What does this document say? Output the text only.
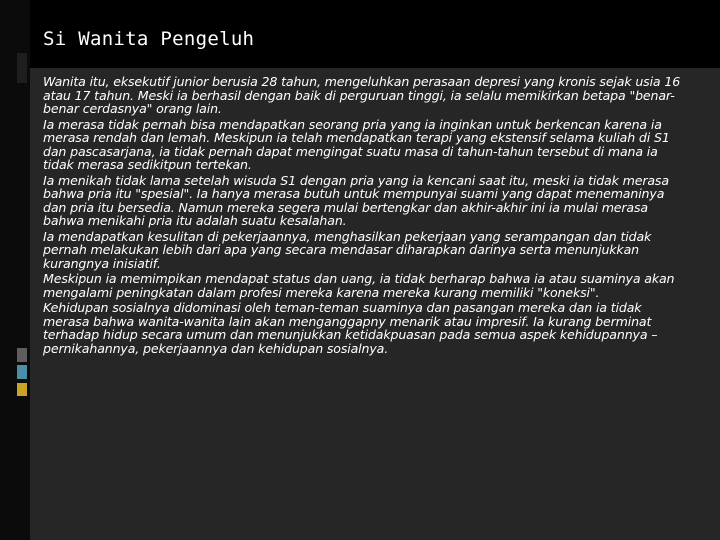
Si Wanita Pengeluh

Wanita itu, eksekutif junior berusia 28 tahun, mengeluhkan perasaan depresi yang kronis sejak usia 16 atau 17 tahun. Meski ia berhasil dengan baik di perguruan tinggi, ia selalu memikirkan betapa "benar-benar cerdasnya" orang lain.

Ia merasa tidak pernah bisa mendapatkan seorang pria yang ia inginkan untuk berkencan karena ia merasa rendah dan lemah. Meskipun ia telah mendapatkan terapi yang ekstensif selama kuliah di S1 dan pascasarjana, ia tidak pernah dapat mengingat suatu masa di tahun-tahun tersebut di mana ia tidak merasa sedikitpun tertekan.

Ia menikah tidak lama setelah wisuda S1 dengan pria yang ia kencani saat itu, meski ia tidak merasa bahwa pria itu "spesial". Ia hanya merasa butuh untuk mempunyai suami yang dapat menemaninya dan pria itu bersedia. Namun mereka segera mulai bertengkar dan akhir-akhir ini ia mulai merasa bahwa menikahi pria itu adalah suatu kesalahan.

Ia mendapatkan kesulitan di pekerjaannya, menghasilkan pekerjaan yang serampangan dan tidak pernah melakukan lebih dari apa yang secara mendasar diharapkan darinya serta menunjukkan kurangnya inisiatif.

Meskipun ia memimpikan mendapat status dan uang, ia tidak berharap bahwa ia atau suaminya akan mengalami peningkatan dalam profesi mereka karena mereka kurang memiliki "koneksi".

Kehidupan sosialnya didominasi oleh teman-teman suaminya dan pasangan mereka dan ia tidak merasa bahwa wanita-wanita lain akan menganggapny menarik atau impresif. Ia kurang berminat terhadap hidup secara umum dan menunjukkan ketidakpuasan pada semua aspek kehidupannya – pernikahannya, pekerjaannya dan kehidupan sosialnya.
